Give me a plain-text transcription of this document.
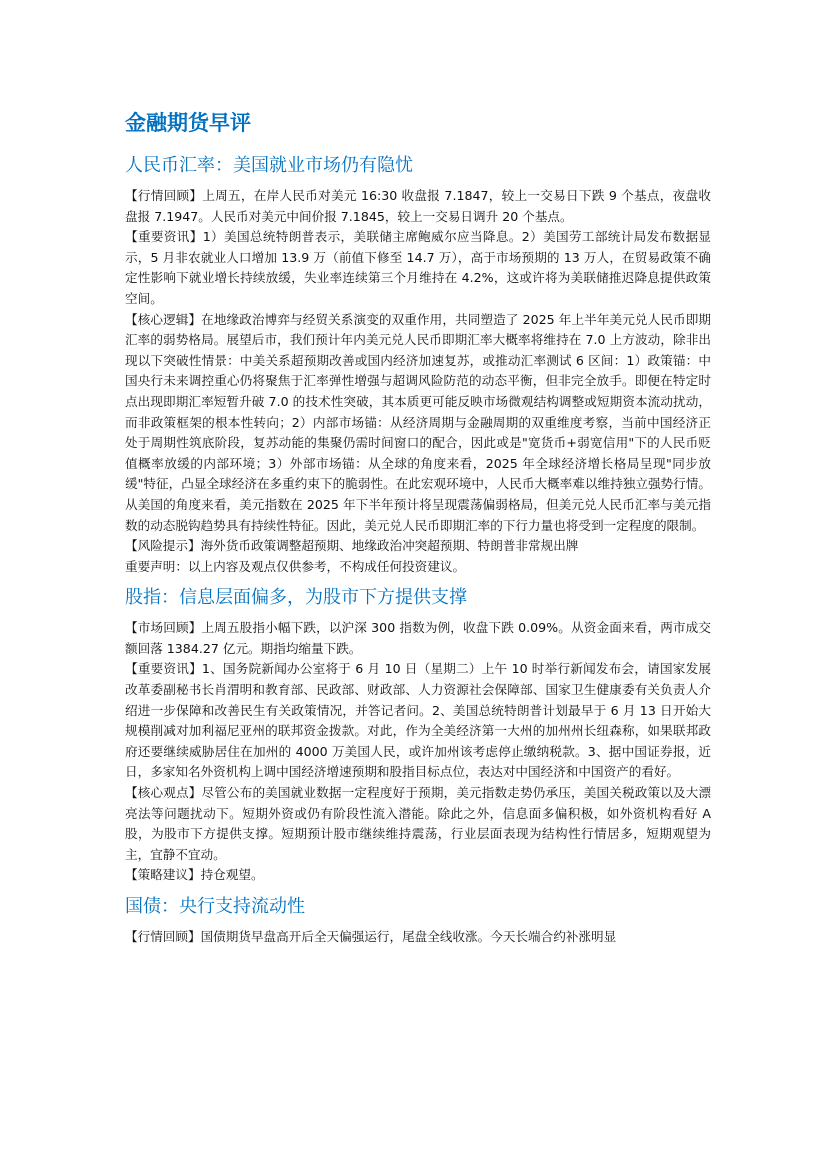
金融期货早评
人民币汇率：美国就业市场仍有隐忧

【行情回顾】上周五，在岸人民币对美元 16:30 收盘报 7.1847，较上一交易日下跌 9 个基点，夜盘收盘报 7.1947。人民币对美元中间价报 7.1845，较上一交易日调升 20 个基点。

【重要资讯】1）美国总统特朗普表示，美联储主席鲍威尔应当降息。2）美国劳工部统计局发布数据显示，5 月非农就业人口增加 13.9 万（前值下修至 14.7 万），高于市场预期的 13 万人，在贸易政策不确定性影响下就业增长持续放缓，失业率连续第三个月维持在 4.2%，这或许将为美联储推迟降息提供政策空间。

【核心逻辑】在地缘政治博弈与经贸关系演变的双重作用，共同塑造了 2025 年上半年美元兑人民币即期汇率的弱势格局。展望后市，我们预计年内美元兑人民币即期汇率大概率将维持在 7.0 上方波动，除非出现以下突破性情景：中美关系超预期改善或国内经济加速复苏，或推动汇率测试 6 区间：1）政策锚：中国央行未来调控重心仍将聚焦于汇率弹性增强与超调风险防范的动态平衡，但非完全放手。即便在特定时点出现即期汇率短暂升破 7.0 的技术性突破，其本质更可能反映市场微观结构调整或短期资本流动扰动，而非政策框架的根本性转向；2）内部市场锚：从经济周期与金融周期的双重维度考察，当前中国经济正处于周期性筑底阶段，复苏动能的集聚仍需时间窗口的配合，因此或是"宽货币+弱宽信用"下的人民币贬值概率放缓的内部环境；3）外部市场锚：从全球的角度来看，2025 年全球经济增长格局呈现"同步放缓"特征，凸显全球经济在多重约束下的脆弱性。在此宏观环境中，人民币大概率难以维持独立强势行情。从美国的角度来看，美元指数在 2025 年下半年预计将呈现震荡偏弱格局，但美元兑人民币汇率与美元指数的动态脱钩趋势具有持续性特征。因此，美元兑人民币即期汇率的下行力量也将受到一定程度的限制。

【风险提示】海外货币政策调整超预期、地缘政治冲突超预期、特朗普非常规出牌

重要声明：以上内容及观点仅供参考，不构成任何投资建议。

股指：信息层面偏多，为股市下方提供支撑

【市场回顾】上周五股指小幅下跌，以沪深 300 指数为例，收盘下跌 0.09%。从资金面来看，两市成交额回落 1384.27 亿元。期指均缩量下跌。

【重要资讯】1、国务院新闻办公室将于 6 月 10 日（星期二）上午 10 时举行新闻发布会，请国家发展改革委副秘书长肖渭明和教育部、民政部、财政部、人力资源社会保障部、国家卫生健康委有关负责人介绍进一步保障和改善民生有关政策情况，并答记者问。2、美国总统特朗普计划最早于 6 月 13 日开始大规模削减对加利福尼亚州的联邦资金拨款。对此，作为全美经济第一大州的加州州长纽森称，如果联邦政府还要继续威胁居住在加州的 4000 万美国人民，或许加州该考虑停止缴纳税款。3、据中国证券报，近日，多家知名外资机构上调中国经济增速预期和股指目标点位，表达对中国经济和中国资产的看好。

【核心观点】尽管公布的美国就业数据一定程度好于预期，美元指数走势仍承压，美国关税政策以及大漂亮法等问题扰动下。短期外资或仍有阶段性流入潜能。除此之外，信息面多偏积极，如外资机构看好 A 股，为股市下方提供支撑。短期预计股市继续维持震荡，行业层面表现为结构性行情居多，短期观望为主，宜静不宜动。

【策略建议】持仓观望。

国债：央行支持流动性

【行情回顾】国债期货早盘高开后全天偏强运行，尾盘全线收涨。今天长端合约补涨明显
